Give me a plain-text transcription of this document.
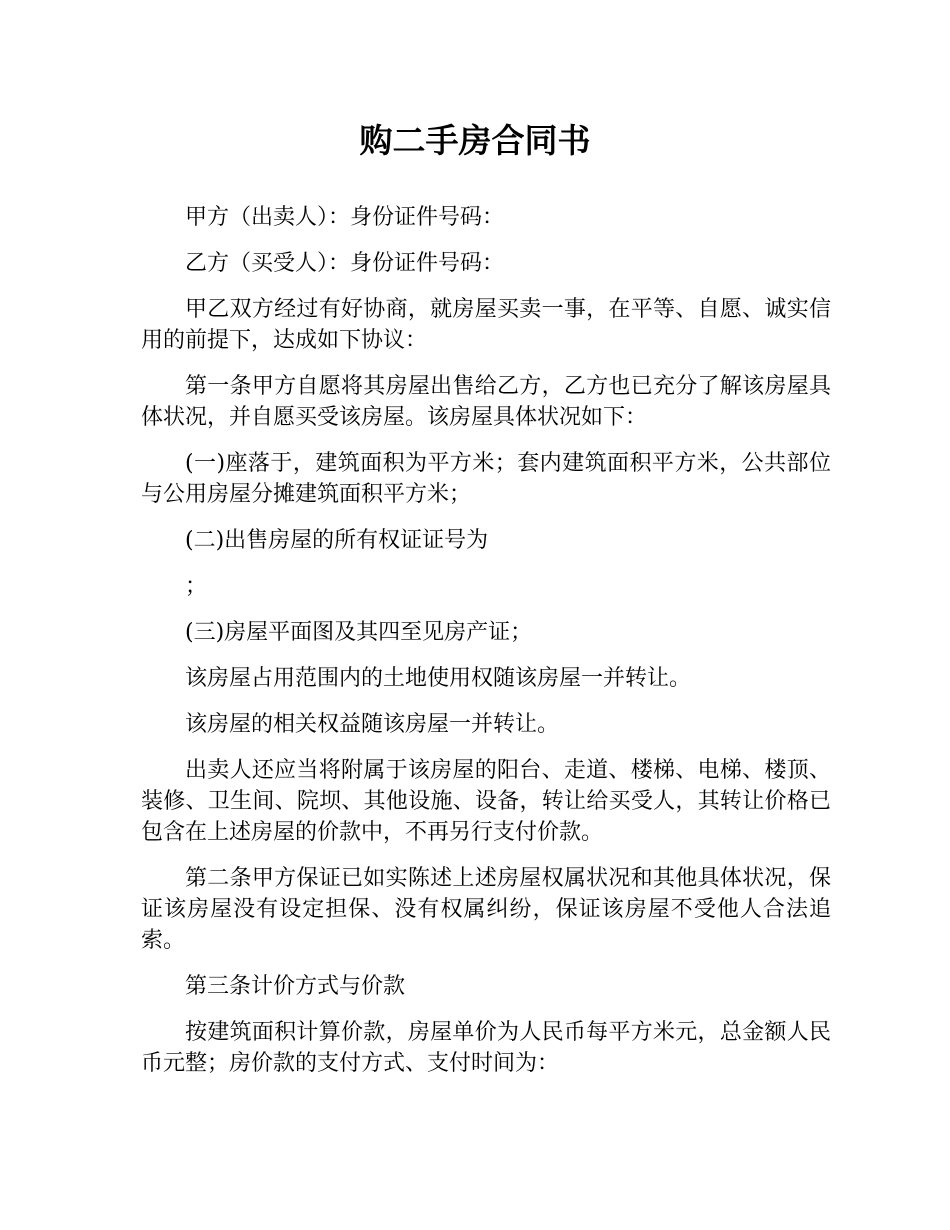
购二手房合同书

甲方（出卖人）：身份证件号码：

乙方（买受人）：身份证件号码：

甲乙双方经过有好协商，就房屋买卖一事，在平等、自愿、诚实信用的前提下，达成如下协议：

第一条甲方自愿将其房屋出售给乙方，乙方也已充分了解该房屋具体状况，并自愿买受该房屋。该房屋具体状况如下：

(一)座落于，建筑面积为平方米；套内建筑面积平方米，公共部位与公用房屋分摊建筑面积平方米；

(二)出售房屋的所有权证证号为

；

(三)房屋平面图及其四至见房产证；

该房屋占用范围内的土地使用权随该房屋一并转让。

该房屋的相关权益随该房屋一并转让。

出卖人还应当将附属于该房屋的阳台、走道、楼梯、电梯、楼顶、装修、卫生间、院坝、其他设施、设备，转让给买受人，其转让价格已包含在上述房屋的价款中，不再另行支付价款。

第二条甲方保证已如实陈述上述房屋权属状况和其他具体状况，保证该房屋没有设定担保、没有权属纠纷，保证该房屋不受他人合法追索。

第三条计价方式与价款

按建筑面积计算价款，房屋单价为人民币每平方米元，总金额人民币元整；房价款的支付方式、支付时间为：
